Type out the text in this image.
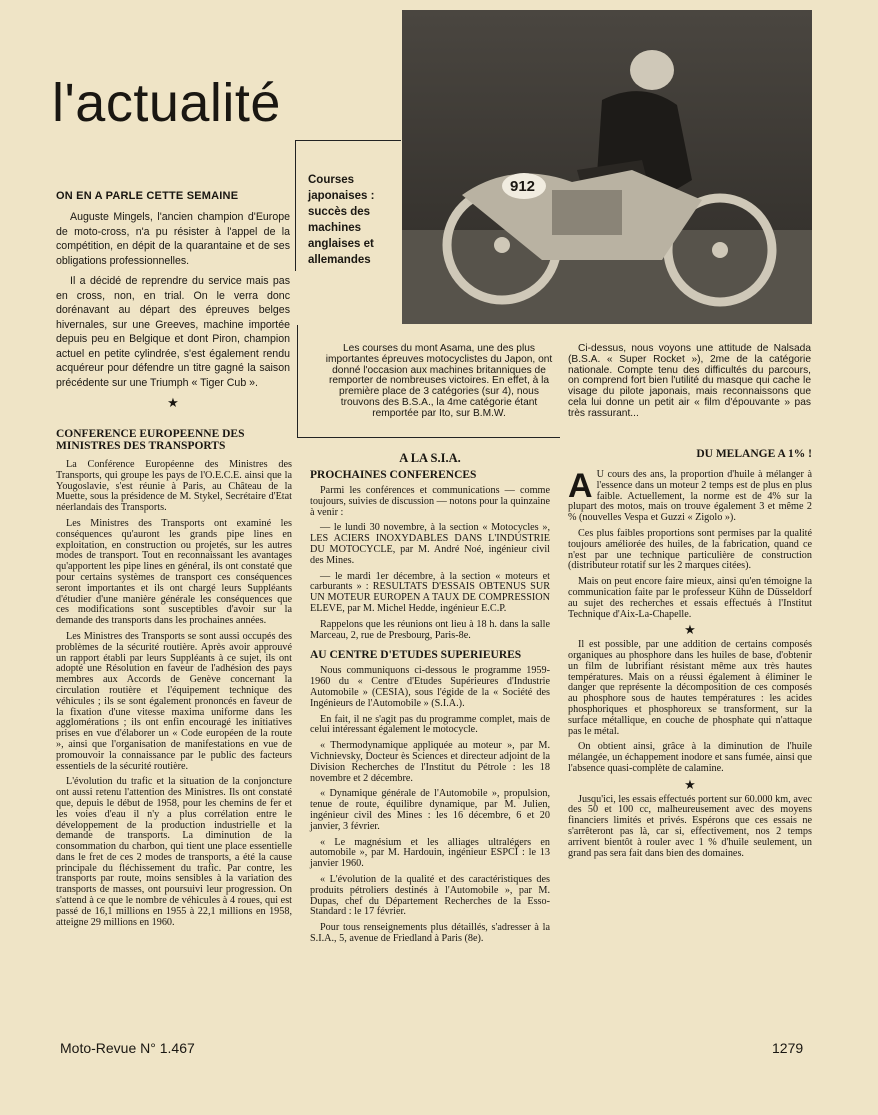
l'actualité
912
Courses japonaises : succès des machines anglaises et allemandes
ON EN A PARLE CETTE SEMAINE

Auguste Mingels, l'ancien champion d'Europe de moto-cross, n'a pu résister à l'appel de la compétition, en dépit de la quarantaine et de ses obligations professionnelles.

Il a décidé de reprendre du service mais pas en cross, non, en trial. On le verra donc dorénavant au départ des épreuves belges hivernales, sur une Greeves, machine importée depuis peu en Belgique et dont Piron, champion actuel en petite cylindrée, s'est également rendu acquéreur pour défendre un titre gagné la saison précédente sur une Triumph « Tiger Cub ».

★

Les courses du mont Asama, une des plus importantes épreuves motocyclistes du Japon, ont donné l'occasion aux machines britanniques de remporter de nombreuses victoires. En effet, à la première place de 3 catégories (sur 4), nous trouvons des B.S.A., la 4me catégorie étant remportée par Ito, sur B.M.W.

Ci-dessus, nous voyons une attitude de Nalsada (B.S.A. « Super Rocket »), 2me de la catégorie nationale. Compte tenu des difficultés du parcours, on comprend fort bien l'utilité du masque qui cache le visage du pilote japonais, mais reconnaissons que cela lui donne un petit air « film d'épouvante » pas très rassurant...

CONFERENCE EUROPEENNE DES MINISTRES DES TRANSPORTS

La Conférence Européenne des Ministres des Transports, qui groupe les pays de l'O.E.C.E. ainsi que la Yougoslavie, s'est réunie à Paris, au Château de la Muette, sous la présidence de M. Stykel, Secrétaire d'Etat néerlandais des Transports.

Les Ministres des Transports ont examiné les conséquences qu'auront les grands pipe lines en exploitation, en construction ou projetés, sur les autres modes de transport. Tout en reconnaissant les avantages qu'apportent les pipe lines en général, ils ont constaté que pour certains systèmes de transport ces conséquences seront importantes et ils ont chargé leurs Suppléants d'étudier d'une manière générale les conséquences que ces modifications sont susceptibles d'avoir sur la demande des transports dans les prochaines années.

Les Ministres des Transports se sont aussi occupés des problèmes de la sécurité routière. Après avoir approuvé un rapport établi par leurs Suppléants à ce sujet, ils ont adopté une Résolution en faveur de l'adhésion des pays membres aux Accords de Genève concernant la circulation routière et l'équipement technique des véhicules ; ils se sont également prononcés en faveur de la fixation d'une vitesse maxima uniforme dans les agglomérations ; ils ont enfin encouragé les initiatives prises en vue d'élaborer un « Code européen de la route », ainsi que l'organisation de manifestations en vue de promouvoir la connaissance par le public des facteurs essentiels de la sécurité routière.

L'évolution du trafic et la situation de la conjoncture ont aussi retenu l'attention des Ministres. Ils ont constaté que, depuis le début de 1958, pour les chemins de fer et les voies d'eau il n'y a plus corrélation entre le développement de la production industrielle et la demande de transports. La diminution de la consommation du charbon, qui tient une place essentielle dans le fret de ces 2 modes de transports, a été la cause principale du fléchissement du trafic. Par contre, les transports par route, moins sensibles à la variation des transports de masses, ont poursuivi leur progression. On s'attend à ce que le nombre de véhicules à 4 roues, qui est passé de 16,1 millions en 1955 à 22,1 millions en 1958, atteigne 29 millions en 1960.

A LA S.I.A.
PROCHAINES CONFERENCES

Parmi les conférences et communications — comme toujours, suivies de discussion — notons pour la quinzaine à venir :

— le lundi 30 novembre, à la section « Motocycles », LES ACIERS INOXYDABLES DANS L'INDUSTRIE DU MOTOCYCLE, par M. André Noé, ingénieur civil des Mines.

— le mardi 1er décembre, à la section « moteurs et carburants » : RESULTATS D'ESSAIS OBTENUS SUR UN MOTEUR EUROPEN A TAUX DE COMPRESSION ELEVE, par M. Michel Hedde, ingénieur E.C.P.

Rappelons que les réunions ont lieu à 18 h. dans la salle Marceau, 2, rue de Presbourg, Paris-8e.

AU CENTRE D'ETUDES SUPERIEURES

Nous communiquons ci-dessous le programme 1959-1960 du « Centre d'Etudes Supérieures d'Industrie Automobile » (CESIA), sous l'égide de la « Société des Ingénieurs de l'Automobile » (S.I.A.).

En fait, il ne s'agit pas du programme complet, mais de celui intéressant également le motocycle.

« Thermodynamique appliquée au moteur », par M. Vichnievsky, Docteur ès Sciences et directeur adjoint de la Division Recherches de l'Institut du Pétrole : les 18 novembre et 2 décembre.

« Dynamique générale de l'Automobile », propulsion, tenue de route, équilibre dynamique, par M. Julien, ingénieur civil des Mines : les 16 décembre, 6 et 20 janvier, 3 février.

« Le magnésium et les alliages ultralégers en automobile », par M. Hardouin, ingénieur ESPCI : le 13 janvier 1960.

« L'évolution de la qualité et des caractéristiques des produits pétroliers destinés à l'Automobile », par M. Dupas, chef du Département Recherches de la Esso-Standard : le 17 février.

Pour tous renseignements plus détaillés, s'adresser à la S.I.A., 5, avenue de Friedland à Paris (8e).

DU MELANGE A 1% !

A U cours des ans, la proportion d'huile à mélanger à l'essence dans un moteur 2 temps est de plus en plus faible. Actuellement, la norme est de 4% sur la plupart des motos, mais on trouve également 3 et même 2 % (nouvelles Vespa et Guzzi « Zigolo »).

Ces plus faibles proportions sont permises par la qualité toujours améliorée des huiles, de la fabrication, quand ce n'est par une technique particulière de construction (distributeur rotatif sur les 2 marques citées).

Mais on peut encore faire mieux, ainsi qu'en témoigne la communication faite par le professeur Kühn de Düsseldorf au sujet des recherches et essais effectués à l'Institut Technique d'Aix-La-Chapelle.

★

Il est possible, par une addition de certains composés organiques au phosphore dans les huiles de base, d'obtenir un film de lubrifiant résistant même aux très hautes températures. Mais on a réussi également à éliminer le danger que représente la décomposition de ces composés au phosphore sous de hautes températures : les acides phosphoriques et phosphoreux se transforment, sur la surface métallique, en couche de phosphate qui n'attaque pas le métal.

On obtient ainsi, grâce à la diminution de l'huile mélangée, un échappement inodore et sans fumée, ainsi que l'absence quasi-complète de calamine.

★

Jusqu'ici, les essais effectués portent sur 60.000 km, avec des 50 et 100 cc, malheureusement avec des moyens financiers limités et privés. Espérons que ces essais ne s'arrêteront pas là, car si, effectivement, nos 2 temps arrivent bientôt à rouler avec 1 % d'huile seulement, un grand pas sera fait dans bien des domaines.

Moto-Revue N° 1.467	1279
